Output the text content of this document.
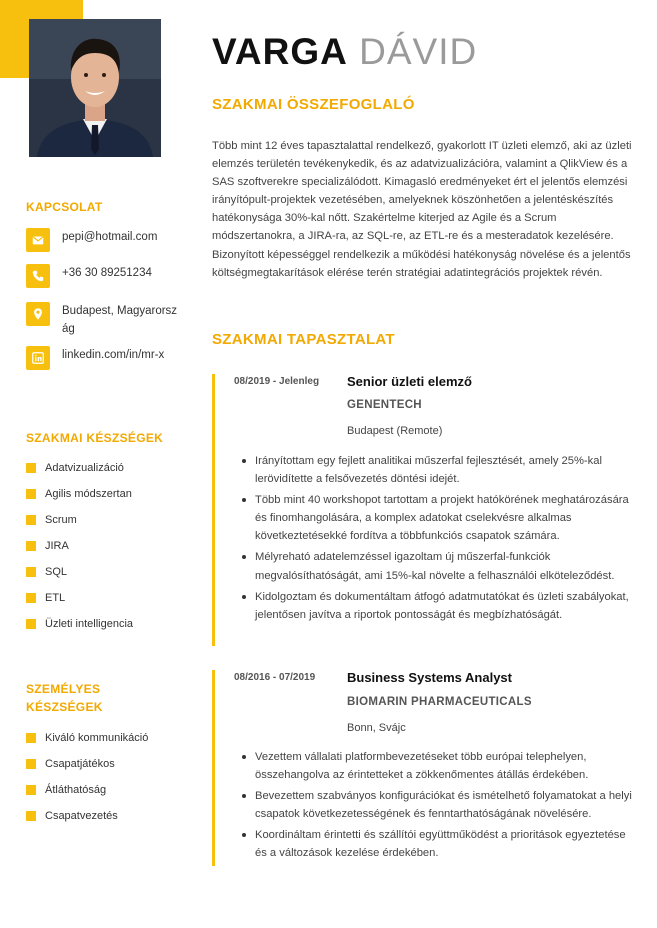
KAPCSOLAT
pepi@hotmail.com
+36 30 89251234
Budapest, Magyarország
linkedin.com/in/mr-x
SZAKMAI KÉSZSÉGEK
Adatvizualizáció
Agilis módszertan
Scrum
JIRA
SQL
ETL
Üzleti intelligencia
SZEMÉLYES KÉSZSÉGEK
Kiváló kommunikáció
Csapatjátékos
Átláthatóság
Csapatvezetés
VARGA DÁVID
SZAKMAI ÖSSZEFOGLALÓ

Több mint 12 éves tapasztalattal rendelkező, gyakorlott IT üzleti elemző, aki az üzleti elemzés területén tevékenykedik, és az adatvizualizációra, valamint a QlikView és a SAS szoftverekre specializálódott. Kimagasló eredményeket ért el jelentős elemzési irányítópult-projektek vezetésében, amelyeknek köszönhetően a jelentéskészítés hatékonysága 30%-kal nőtt. Szakértelme kiterjed az Agile és a Scrum módszertanokra, a JIRA-ra, az SQL-re, az ETL-re és a mesteradatok kezelésére. Bizonyított képességgel rendelkezik a működési hatékonyság növelése és a jelentős költségmegtakarítások elérése terén stratégiai adatintegrációs projektek révén.

SZAKMAI TAPASZTALAT
08/2019 - Jelenleg Senior üzleti elemző
GENENTECH
Budapest (Remote)
Irányítottam egy fejlett analitikai műszerfal fejlesztését, amely 25%-kal lerövidítette a felsővezetés döntési idejét.
Több mint 40 workshopot tartottam a projekt hatókörének meghatározására és finomhangolására, a komplex adatokat cselekvésre alkalmas következtetésekké fordítva a többfunkciós csapatok számára.
Mélyreható adatelemzéssel igazoltam új műszerfal-funkciók megvalósíthatóságát, ami 15%-kal növelte a felhasználói elköteleződést.
Kidolgoztam és dokumentáltam átfogó adatmutatókat és üzleti szabályokat, jelentősen javítva a riportok pontosságát és megbízhatóságát.
08/2016 - 07/2019 Business Systems Analyst
BIOMARIN PHARMACEUTICALS
Bonn, Svájc
Vezettem vállalati platformbevezetéseket több európai telephelyen, összehangolva az érintetteket a zökkenőmentes átállás érdekében.
Bevezettem szabványos konfigurációkat és ismételhető folyamatokat a helyi csapatok következetességének és fenntarthatóságának növelésére.
Koordináltam érintetti és szállítói együttműködést a prioritások egyeztetése és a változások kezelése érdekében.
